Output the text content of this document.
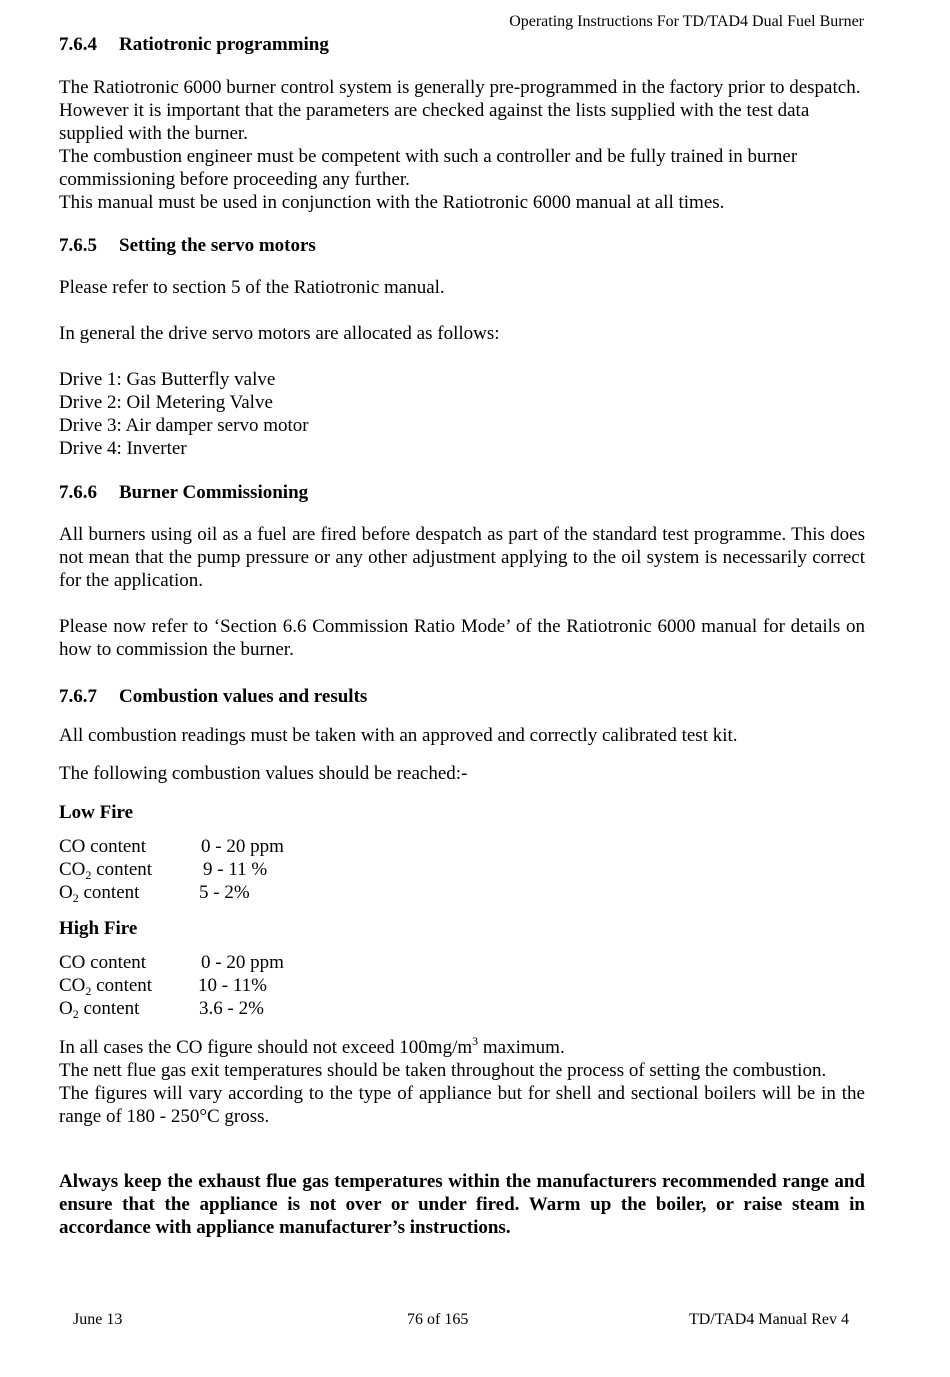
Operating Instructions For TD/TAD4 Dual Fuel Burner
7.6.4 Ratiotronic programming
The Ratiotronic 6000 burner control system is generally pre-programmed in the factory prior to despatch. However it is important that the parameters are checked against the lists supplied with the test data supplied with the burner.
The combustion engineer must be competent with such a controller and be fully trained in burner commissioning before proceeding any further.
This manual must be used in conjunction with the Ratiotronic 6000 manual at all times.
7.6.5 Setting the servo motors
Please refer to section 5 of the Ratiotronic manual.
In general the drive servo motors are allocated as follows:
Drive 1: Gas Butterfly valve
Drive 2: Oil Metering Valve
Drive 3: Air damper servo motor
Drive 4: Inverter
7.6.6 Burner Commissioning
All burners using oil as a fuel are fired before despatch as part of the standard test programme. This does not mean that the pump pressure or any other adjustment applying to the oil system is necessarily correct for the application.
Please now refer to ‘Section 6.6 Commission Ratio Mode’ of the Ratiotronic 6000 manual for details on how to commission the burner.
7.6.7 Combustion values and results
All combustion readings must be taken with an approved and correctly calibrated test kit.
The following combustion values should be reached:-
Low Fire
CO content	0 - 20 ppm
$CO_2$ content	9 - 11 %
$O_2$ content	5 - 2%
High Fire
CO content	0 - 20 ppm
$CO_2$ content 10 - 11%
$O_2$ content	3.6 - 2%
In all cases the CO figure should not exceed $100mg/m^3$ maximum.
The nett flue gas exit temperatures should be taken throughout the process of setting the combustion.
The figures will vary according to the type of appliance but for shell and sectional boilers will be in the range of 180 - 250°C gross.
Always keep the exhaust flue gas temperatures within the manufacturers recommended range and ensure that the appliance is not over or under fired. Warm up the boiler, or raise steam in accordance with appliance manufacturer’s instructions.
June 13	76 of 165	TD/TAD4 Manual Rev 4
